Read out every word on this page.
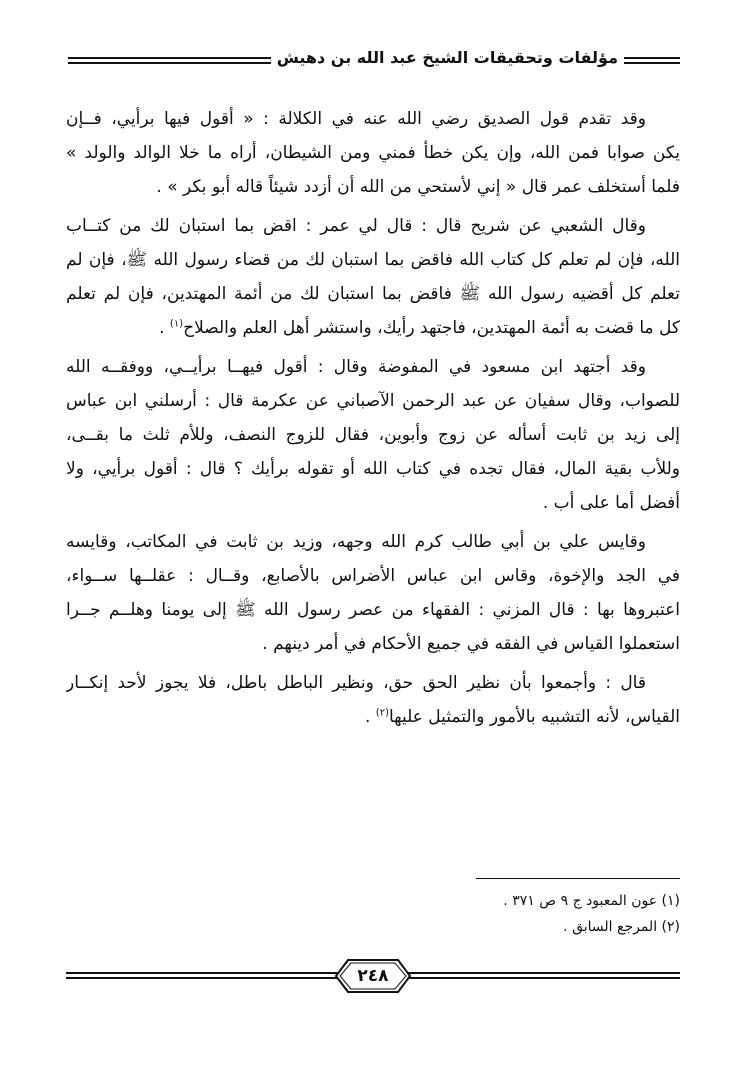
مؤلفات وتحقيقات الشيخ عبد الله بن دهيش
وقد تقدم قول الصديق رضي الله عنه في الكلالة : « أقول فيها برأيي، فــإن
يكن صوابا فمن الله، وإن يكن خطأ فمني ومن الشيطان، أراه ما خلا الوالد والولد »
فلما أستخلف عمر قال « إني لأستحي من الله أن أزدد شيئاً قاله أبو بكر » .
وقال الشعبي عن شريح قال : قال لي عمر : اقض بما استبان لك من كتــاب
الله، فإن لم تعلم كل كتاب الله فاقض بما استبان لك من قضاء رسول الله ﷺ، فإن لم
تعلم كل أقضيه رسول الله ﷺ فاقض بما استبان لك من أئمة المهتدين، فإن لم تعلم
كل ما قضت به أئمة المهتدين، فاجتهد رأيك، واستشر أهل العلم والصلاح$^{(١)}$ .
وقد أجتهد ابن مسعود في المفوضة وقال : أقول فيهــا برأيــي، ووفقــه الله
للصواب، وقال سفيان عن عبد الرحمن الآصباني عن عكرمة قال : أرسلني ابن عباس
إلى زيد بن ثابت أسأله عن زوج وأبوين، فقال للزوج النصف، وللأم ثلث ما بقــى،
وللأب بقية المال، فقال تجده في كتاب الله أو تقوله برأيك ؟ قال : أقول برأيي، ولا
أفضل أما على أب .
وقايس علي بن أبي طالب كرم الله وجهه، وزيد بن ثابت في المكاتب، وقايسه
في الجد والإخوة، وقاس ابن عباس الأضراس بالأصابع، وقــال : عقلــها ســواء،
اعتبروها بها : قال المزني : الفقهاء من عصر رسول الله ﷺ إلى يومنا وهلــم جــرا
استعملوا القياس في الفقه في جميع الأحكام في أمر دينهم .
قال : وأجمعوا بأن نظير الحق حق، ونظير الباطل باطل، فلا يجوز لأحد إنكــار
القياس، لأنه التشبيه بالأمور والتمثيل عليها$^{(٢)}$ .
(١) عون المعبود ج ٩ ص ٣٧١ .
(٢) المرجع السابق .
٢٤٨
